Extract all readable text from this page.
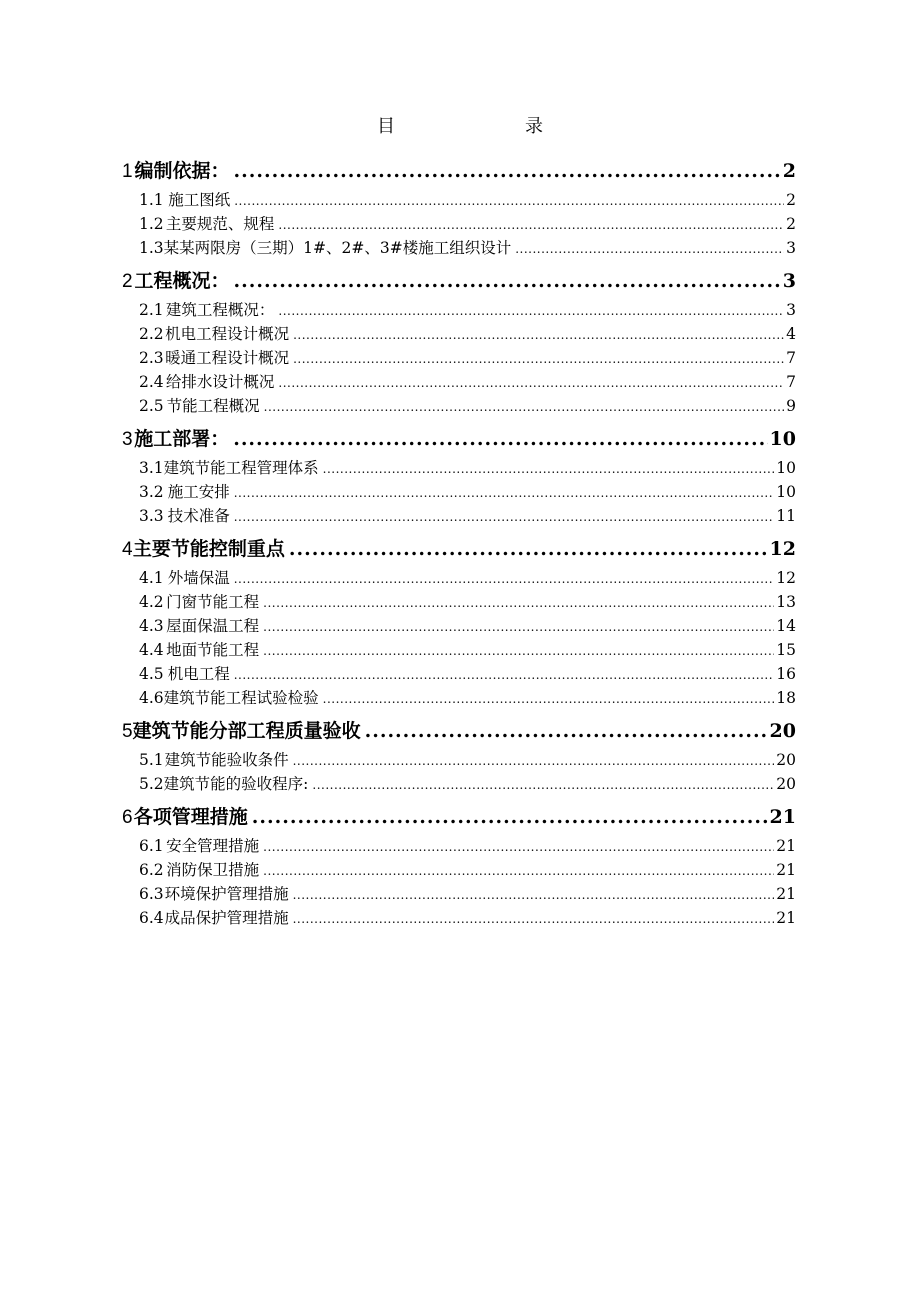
目	录
1 编制依据： .....	2
1.1 施工图纸 .....	2
1.2 主要规范、规程 .....	2
1.3 某某两限房（三期）1#、2#、3#楼施工组织设计 .....	3
2 工程概况： .....	3
2.1 建筑工程概况： .....	3
2.2 机电工程设计概况 .....	4
2.3 暖通工程设计概况 .....	7
2.4 给排水设计概况 .....	7
2.5 节能工程概况 .....	9
3 施工部署： .....	10
3.1 建筑节能工程管理体系 .....	10
3.2 施工安排 .....	10
3.3 技术准备 .....	11
4 主要节能控制重点 .....	12
4.1 外墙保温 .....	12
4.2 门窗节能工程 .....	13
4.3 屋面保温工程 .....	14
4.4 地面节能工程 .....	15
4.5 机电工程 .....	16
4.6 建筑节能工程试验检验 .....	18
5 建筑节能分部工程质量验收 .....	20
5.1 建筑节能验收条件 .....	20
5.2 建筑节能的验收程序: .....	20
6 各项管理措施 .....	21
6.1 安全管理措施 .....	21
6.2 消防保卫措施 .....	21
6.3 环境保护管理措施 .....	21
6.4 成品保护管理措施 .....	21
